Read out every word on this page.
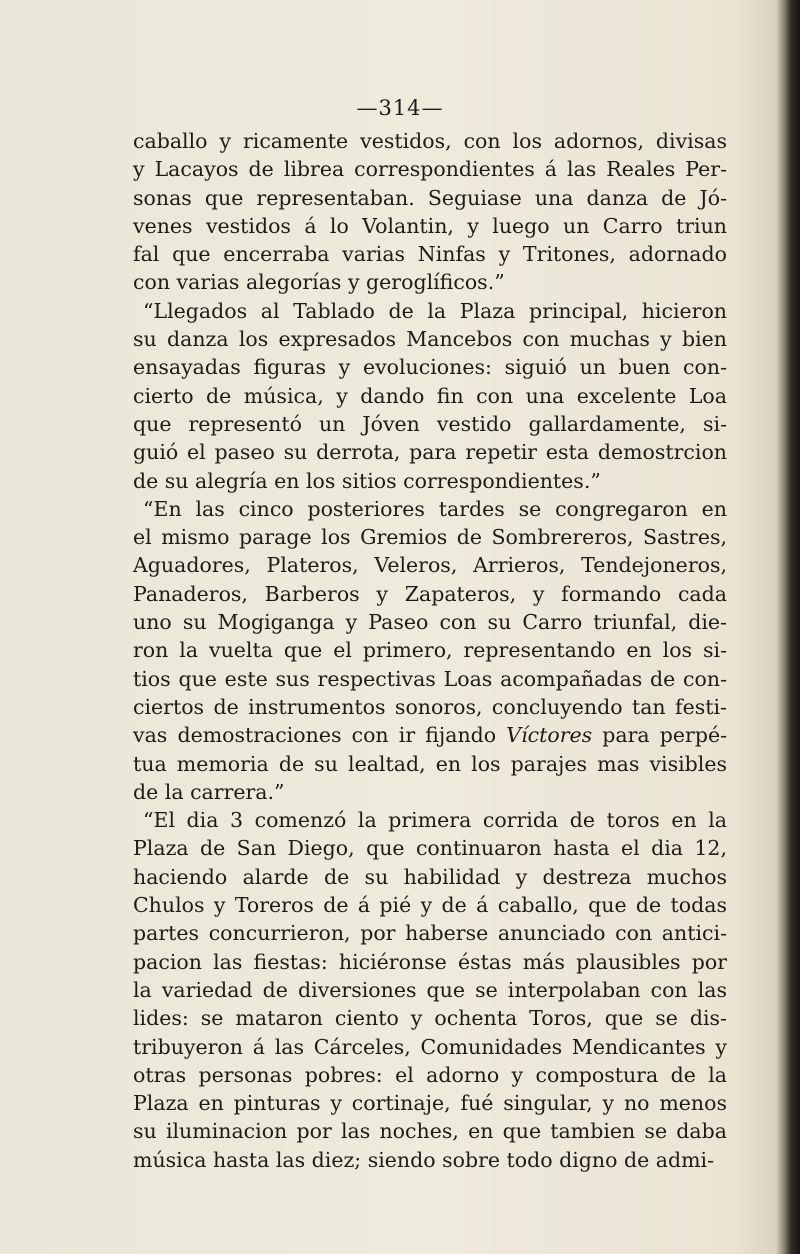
—314—
caballo y ricamente vestidos, con los adornos, divisas
y Lacayos de librea correspondientes á las Reales Per-
sonas que representaban. Seguiase una danza de Jó-
venes vestidos á lo Volantin, y luego un Carro triun
fal que encerraba varias Ninfas y Tritones, adornado
con varias alegorías y geroglíficos.”
“Llegados al Tablado de la Plaza principal, hicieron
su danza los expresados Mancebos con muchas y bien
ensayadas figuras y evoluciones: siguió un buen con-
cierto de música, y dando fin con una excelente Loa
que representó un Jóven vestido gallardamente, si-
guió el paseo su derrota, para repetir esta demostrcion
de su alegría en los sitios correspondientes.”
“En las cinco posteriores tardes se congregaron en
el mismo parage los Gremios de Sombrereros, Sastres,
Aguadores, Plateros, Veleros, Arrieros, Tendejoneros,
Panaderos, Barberos y Zapateros, y formando cada
uno su Mogiganga y Paseo con su Carro triunfal, die-
ron la vuelta que el primero, representando en los si-
tios que este sus respectivas Loas acompañadas de con-
ciertos de instrumentos sonoros, concluyendo tan festi-
vas demostraciones con ir fijando Víctores para perpé-
tua memoria de su lealtad, en los parajes mas visibles
de la carrera.”
“El dia 3 comenzó la primera corrida de toros en la
Plaza de San Diego, que continuaron hasta el dia 12,
haciendo alarde de su habilidad y destreza muchos
Chulos y Toreros de á pié y de á caballo, que de todas
partes concurrieron, por haberse anunciado con antici-
pacion las fiestas: hiciéronse éstas más plausibles por
la variedad de diversiones que se interpolaban con las
lides: se mataron ciento y ochenta Toros, que se dis-
tribuyeron á las Cárceles, Comunidades Mendicantes y
otras personas pobres: el adorno y compostura de la
Plaza en pinturas y cortinaje, fué singular, y no menos
su iluminacion por las noches, en que tambien se daba
música hasta las diez; siendo sobre todo digno de admi-
